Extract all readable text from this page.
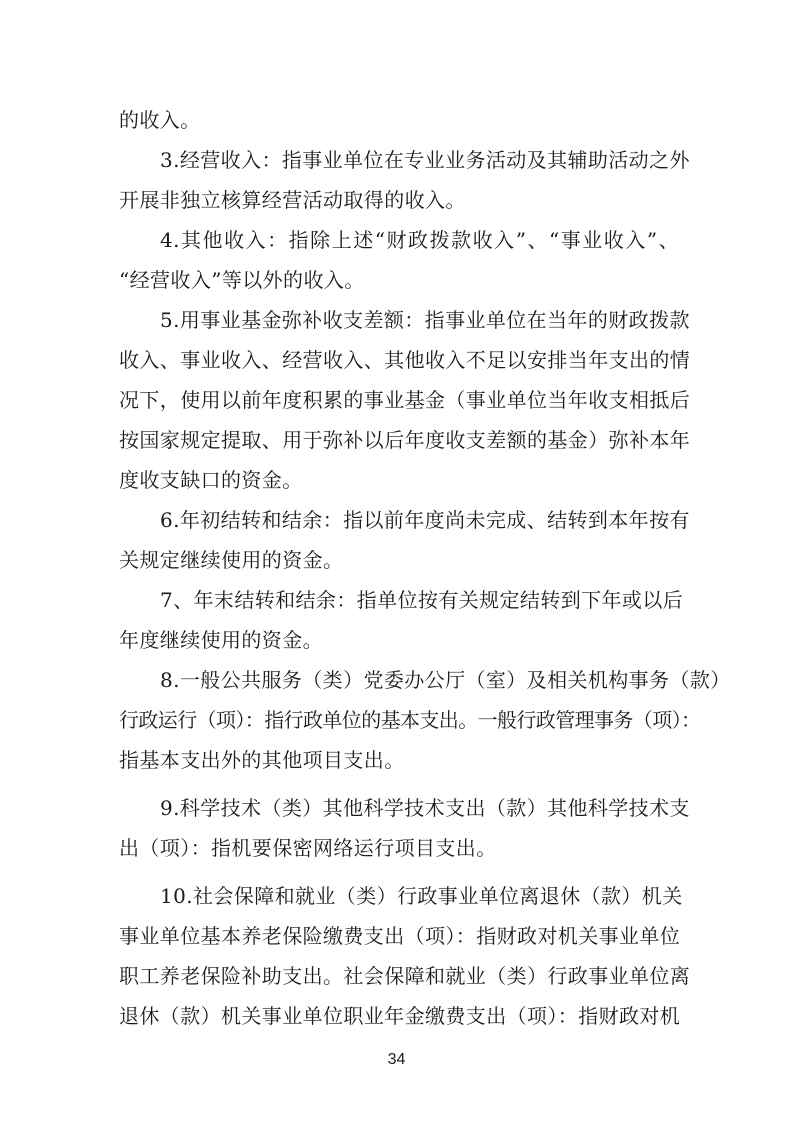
的收入。
3.经营收入：指事业单位在专业业务活动及其辅助活动之外
开展非独立核算经营活动取得的收入。
4.其他收入：指除上述“财政拨款收入”、“事业收入”、
“经营收入”等以外的收入。
5.用事业基金弥补收支差额：指事业单位在当年的财政拨款
收入、事业收入、经营收入、其他收入不足以安排当年支出的情
况下，使用以前年度积累的事业基金（事业单位当年收支相抵后
按国家规定提取、用于弥补以后年度收支差额的基金）弥补本年
度收支缺口的资金。
6.年初结转和结余：指以前年度尚未完成、结转到本年按有
关规定继续使用的资金。
7、年末结转和结余：指单位按有关规定结转到下年或以后
年度继续使用的资金。
8.一般公共服务（类）党委办公厅（室）及相关机构事务（款）
行政运行（项）：指行政单位的基本支出。一般行政管理事务（项）：
指基本支出外的其他项目支出。
9.科学技术（类）其他科学技术支出（款）其他科学技术支
出（项）：指机要保密网络运行项目支出。
10.社会保障和就业（类）行政事业单位离退休（款）机关
事业单位基本养老保险缴费支出（项）：指财政对机关事业单位
职工养老保险补助支出。社会保障和就业（类）行政事业单位离
退休（款）机关事业单位职业年金缴费支出（项）：指财政对机
34
